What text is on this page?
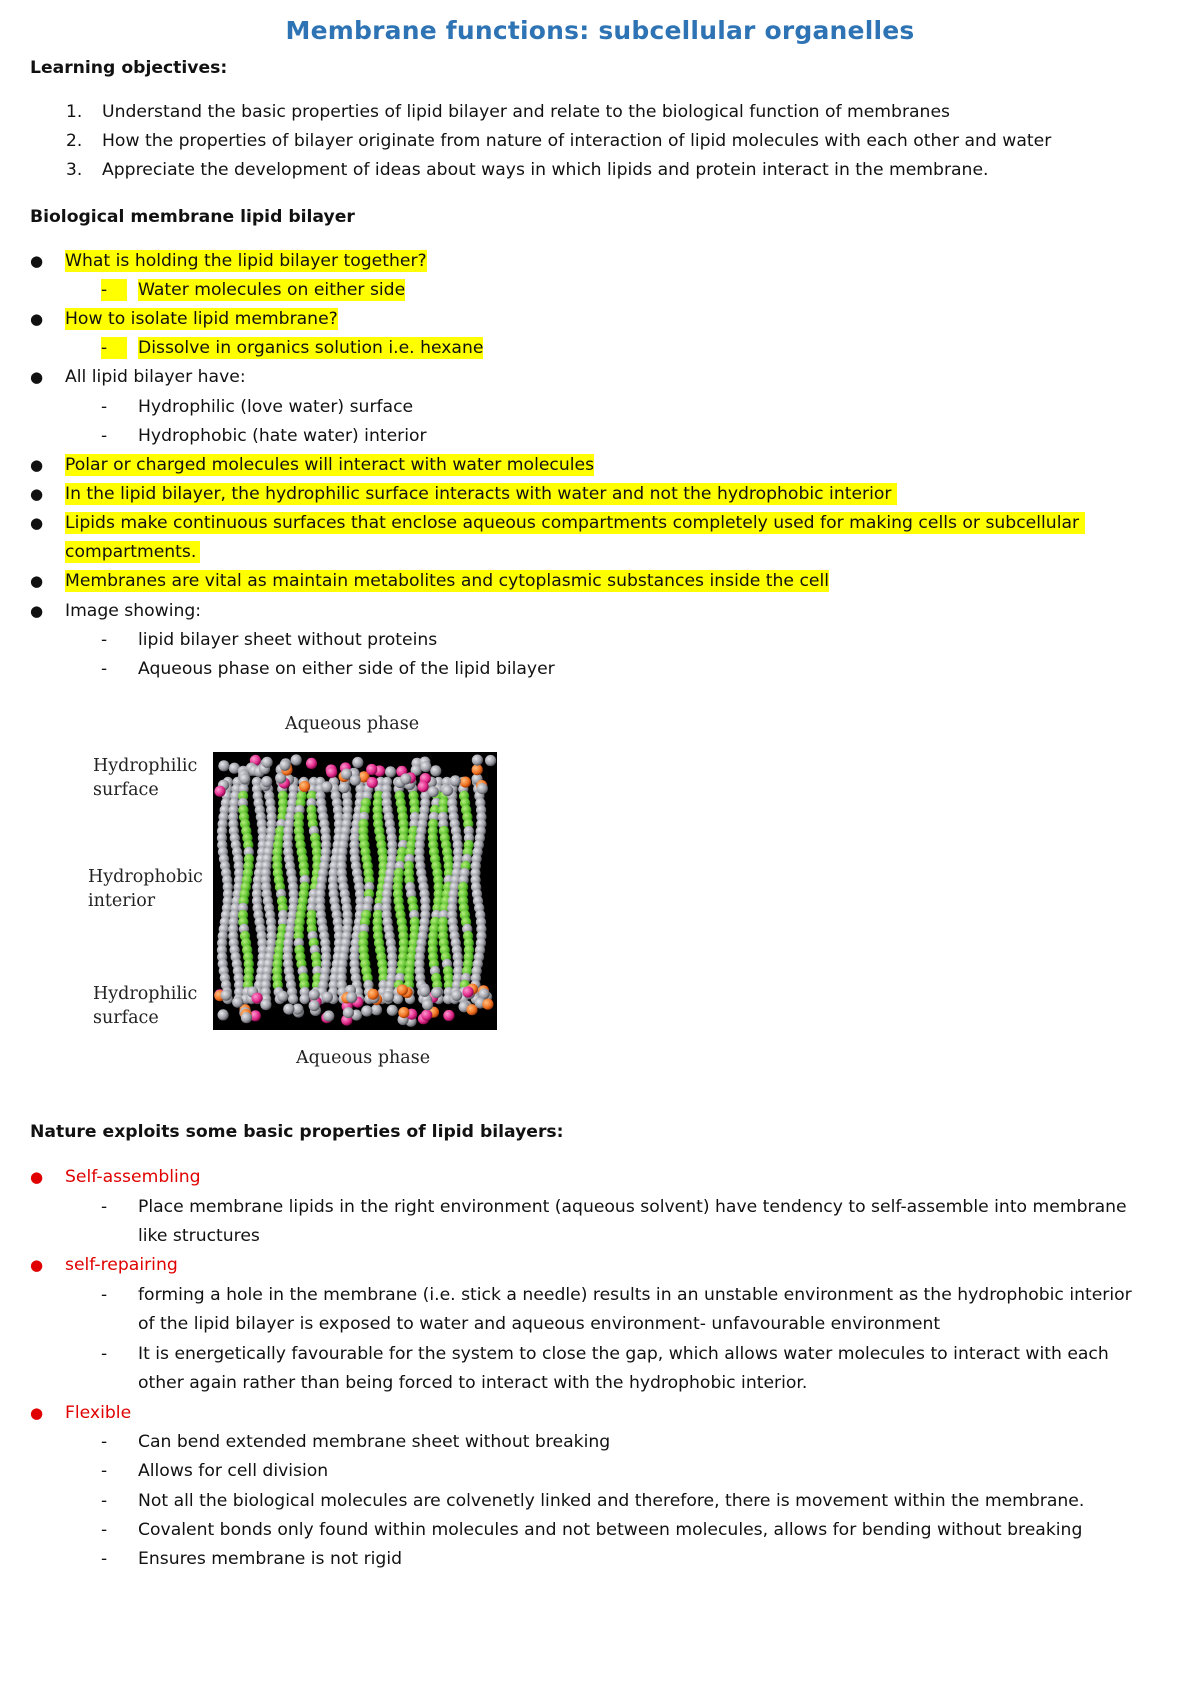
Membrane functions: subcellular organelles
Learning objectives:
1. Understand the basic properties of lipid bilayer and relate to the biological function of membranes
2. How the properties of bilayer originate from nature of interaction of lipid molecules with each other and water
3. Appreciate the development of ideas about ways in which lipids and protein interact in the membrane.
Biological membrane lipid bilayer
● What is holding the lipid bilayer together?
-	Water molecules on either side
● How to isolate lipid membrane?
-	Dissolve in organics solution i.e. hexane
● All lipid bilayer have:
- Hydrophilic (love water) surface
- Hydrophobic (hate water) interior
● Polar or charged molecules will interact with water molecules
● In the lipid bilayer, the hydrophilic surface interacts with water and not the hydrophobic interior
● Lipids make continuous surfaces that enclose aqueous compartments completely used for making cells or subcellular
compartments.
● Membranes are vital as maintain metabolites and cytoplasmic substances inside the cell
● Image showing:
- lipid bilayer sheet without proteins
- Aqueous phase on either side of the lipid bilayer
Aqueous phase
Hydrophilic
surface
Hydrophobic
interior
Hydrophilic
surface
Aqueous phase
Nature exploits some basic properties of lipid bilayers:
● Self-assembling
- Place membrane lipids in the right environment (aqueous solvent) have tendency to self-assemble into membrane
like structures
● self-repairing
- forming a hole in the membrane (i.e. stick a needle) results in an unstable environment as the hydrophobic interior
of the lipid bilayer is exposed to water and aqueous environment- unfavourable environment
- It is energetically favourable for the system to close the gap, which allows water molecules to interact with each
other again rather than being forced to interact with the hydrophobic interior.
● Flexible
- Can bend extended membrane sheet without breaking
- Allows for cell division
- Not all the biological molecules are colvenetly linked and therefore, there is movement within the membrane.
- Covalent bonds only found within molecules and not between molecules, allows for bending without breaking
- Ensures membrane is not rigid
